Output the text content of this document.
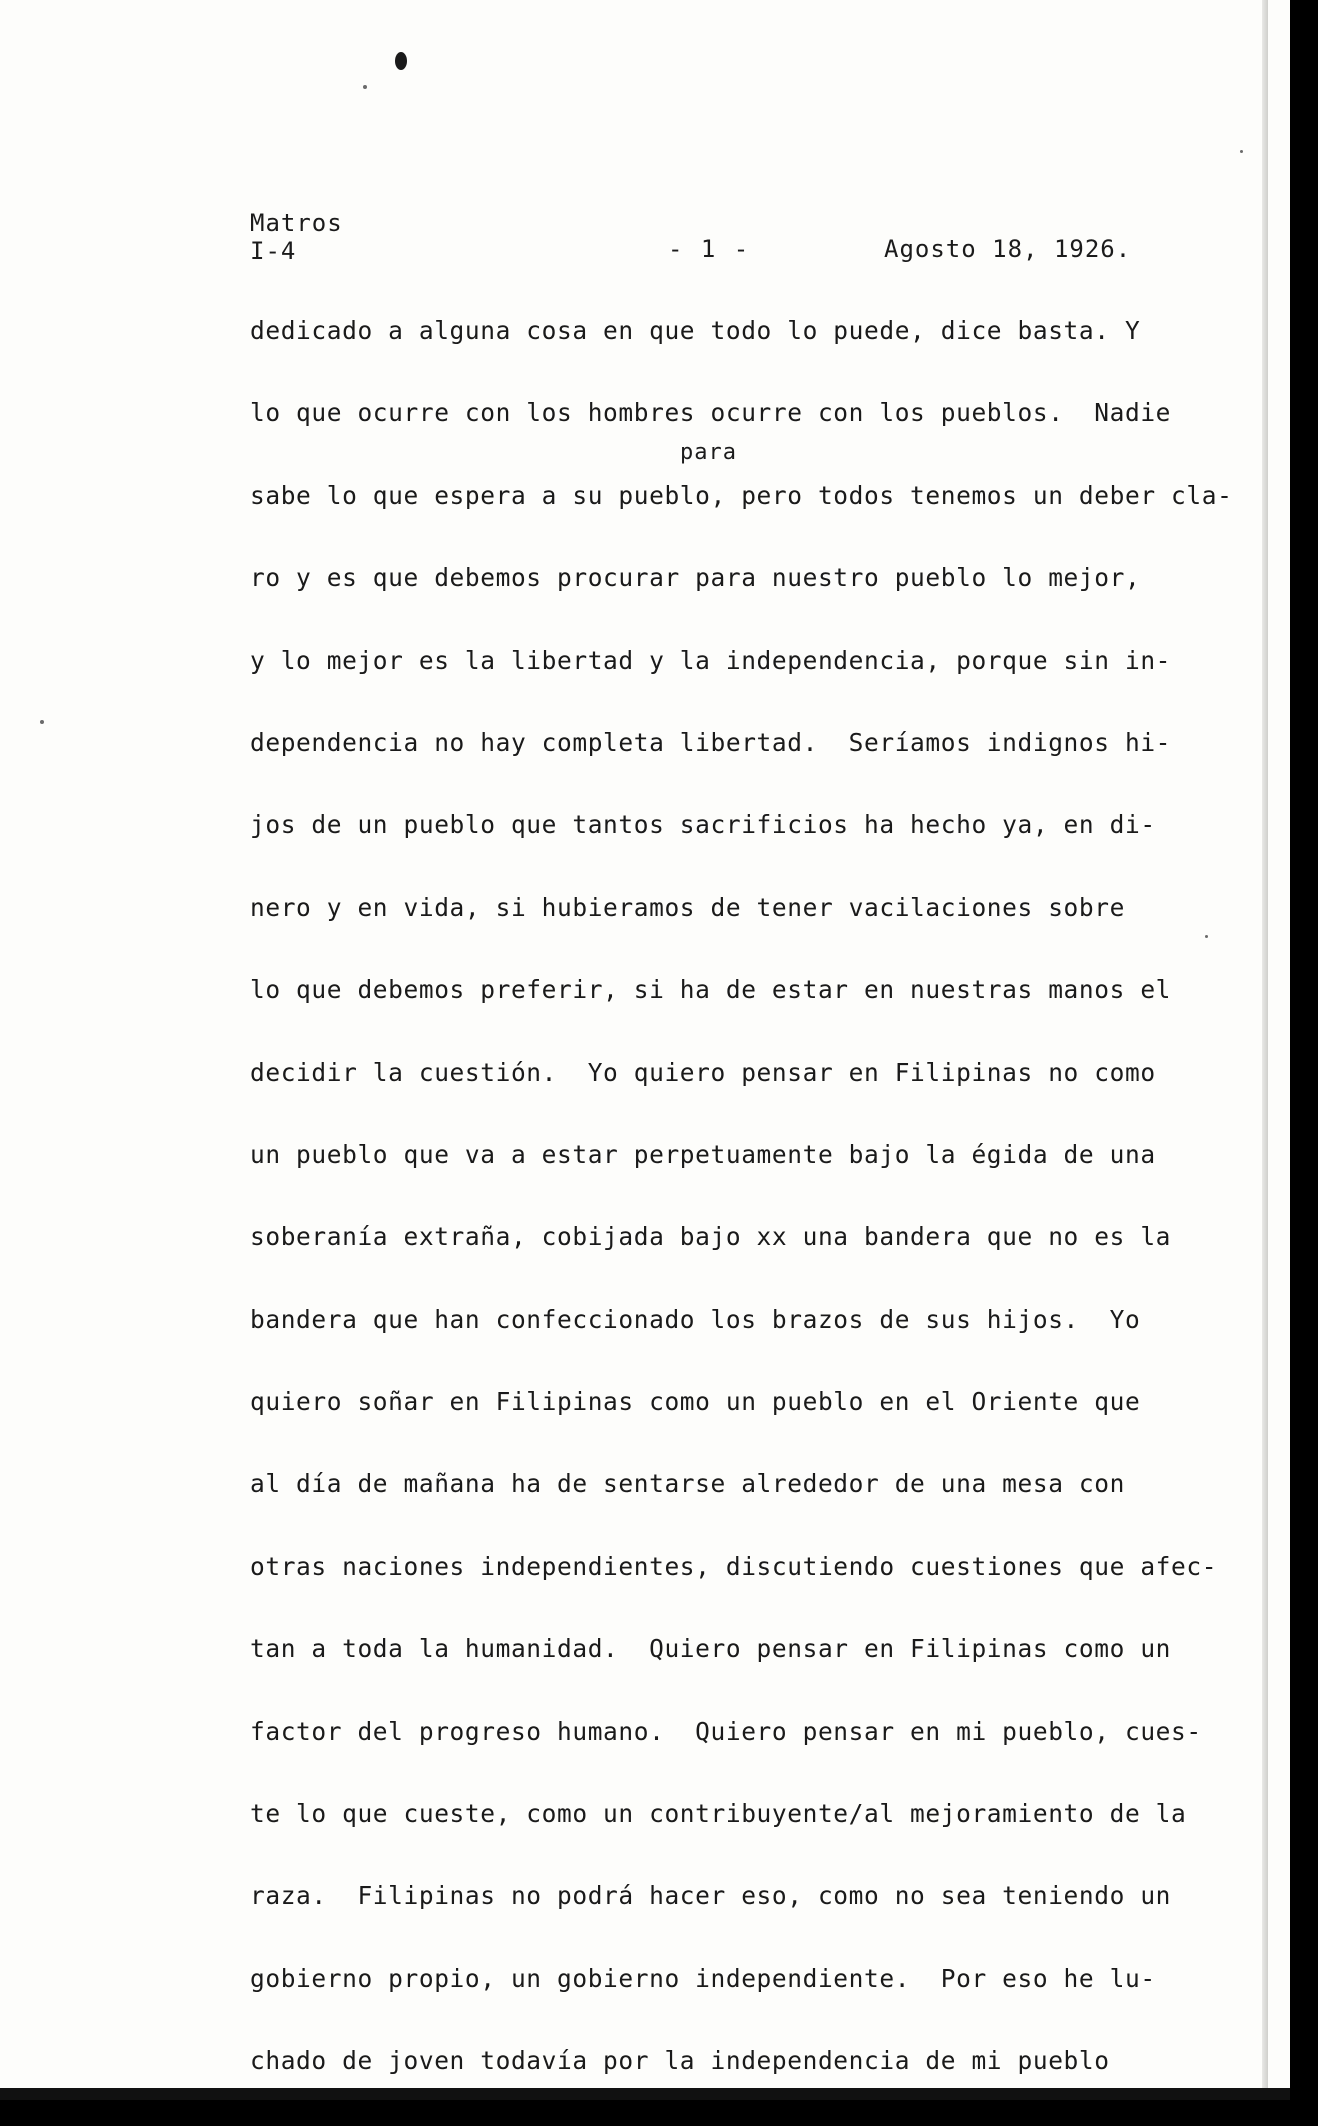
Matros
I-4	- 1 -	Agosto 18, 1926.
para
dedicado a alguna cosa en que todo lo puede, dice basta. Y
lo que ocurre con los hombres ocurre con los pueblos.  Nadie
sabe lo que espera a su pueblo, pero todos tenemos un deber cla-
ro y es que debemos procurar para nuestro pueblo lo mejor,
y lo mejor es la libertad y la independencia, porque sin in-
dependencia no hay completa libertad.  Seríamos indignos hi-
jos de un pueblo que tantos sacrificios ha hecho ya, en di-
nero y en vida, si hubieramos de tener vacilaciones sobre
lo que debemos preferir, si ha de estar en nuestras manos el
decidir la cuestión.  Yo quiero pensar en Filipinas no como
un pueblo que va a estar perpetuamente bajo la égida de una
soberanía extraña, cobijada bajo xx una bandera que no es la
bandera que han confeccionado los brazos de sus hijos.  Yo
quiero soñar en Filipinas como un pueblo en el Oriente que
al día de mañana ha de sentarse alrededor de una mesa con
otras naciones independientes, discutiendo cuestiones que afec-
tan a toda la humanidad.  Quiero pensar en Filipinas como un
factor del progreso humano.  Quiero pensar en mi pueblo, cues-
te lo que cueste, como un contribuyente/al mejoramiento de la
raza.  Filipinas no podrá hacer eso, como no sea teniendo un
gobierno propio, un gobierno independiente.  Por eso he lu-
chado de joven todavía por la independencia de mi pueblo
